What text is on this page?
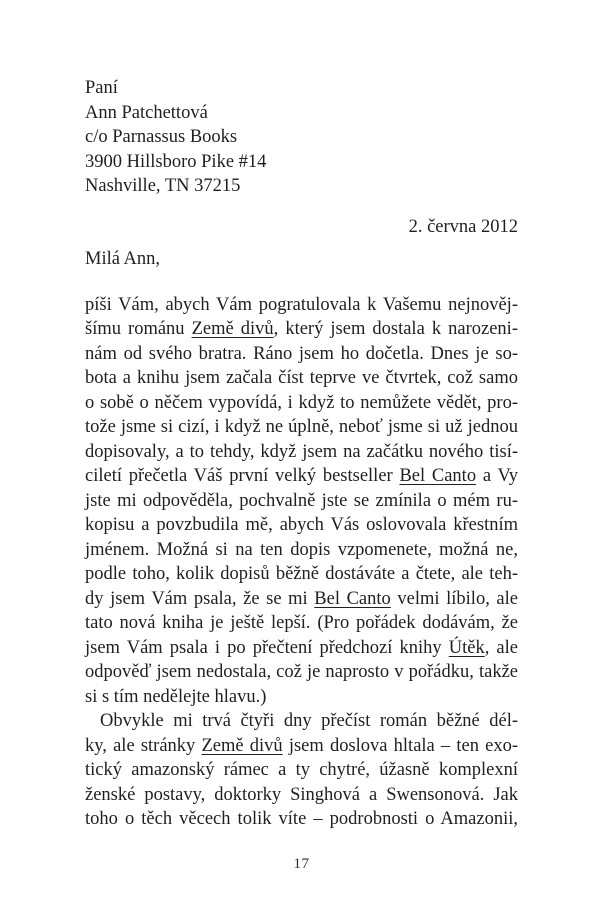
Paní
Ann Patchettová
c/o Parnassus Books
3900 Hillsboro Pike #14
Nashville, TN 37215
2. června 2012
Milá Ann,
píši Vám, abych Vám pogratulovala k Vašemu nejnověj-
šímu románu Země divů, který jsem dostala k narozeni-
nám od svého bratra. Ráno jsem ho dočetla. Dnes je so-
bota a knihu jsem začala číst teprve ve čtvrtek, což samo
o sobě o něčem vypovídá, i když to nemůžete vědět, pro-
tože jsme si cizí, i když ne úplně, neboť jsme si už jednou
dopisovaly, a to tehdy, když jsem na začátku nového tisí-
ciletí přečetla Váš první velký bestseller Bel Canto a Vy
jste mi odpověděla, pochvalně jste se zmínila o mém ru-
kopisu a povzbudila mě, abych Vás oslovovala křestním
jménem. Možná si na ten dopis vzpomenete, možná ne,
podle toho, kolik dopisů běžně dostáváte a čtete, ale teh-
dy jsem Vám psala, že se mi Bel Canto velmi líbilo, ale
tato nová kniha je ještě lepší. (Pro pořádek dodávám, že
jsem Vám psala i po přečtení předchozí knihy Útěk, ale
odpověď jsem nedostala, což je naprosto v pořádku, takže
si s tím nedělejte hlavu.)
Obvykle mi trvá čtyři dny přečíst román běžné dél-
ky, ale stránky Země divů jsem doslova hltala – ten exo-
tický amazonský rámec a ty chytré, úžasně komplexní
ženské postavy, doktorky Singhová a Swensonová. Jak
toho o těch věcech tolik víte – podrobnosti o Amazonii,
17
